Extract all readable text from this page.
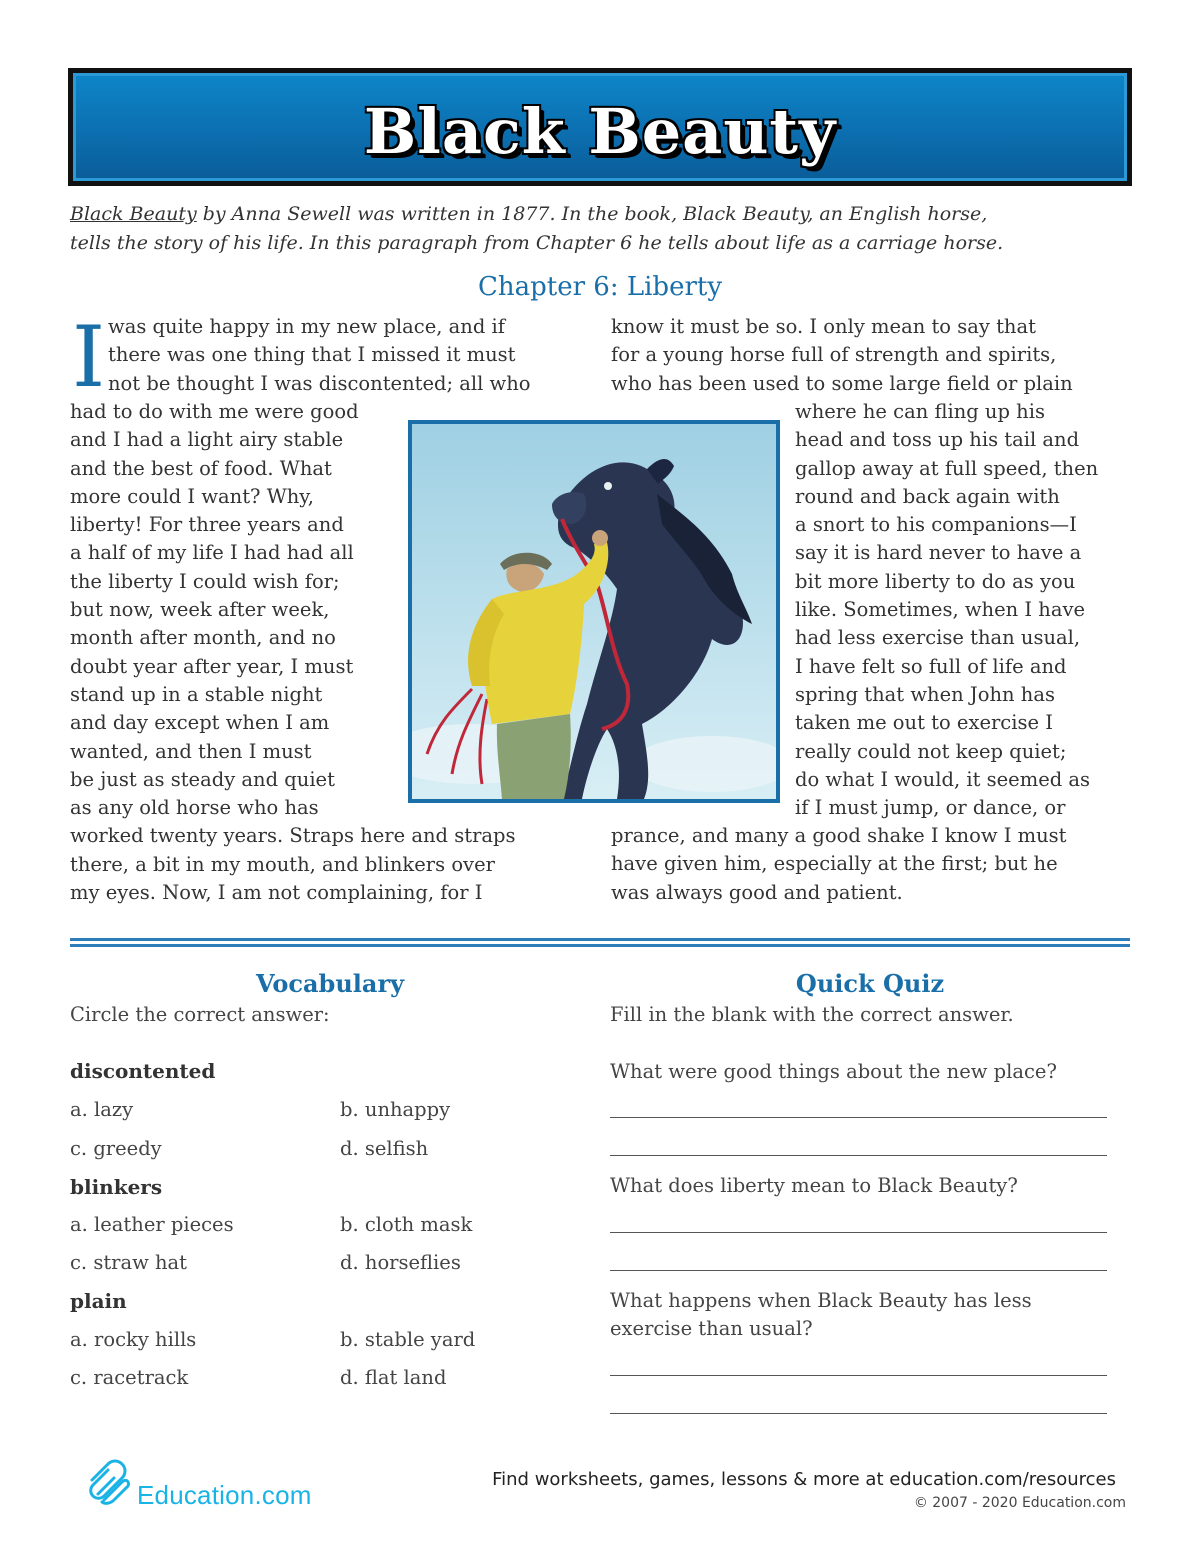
Black Beauty
Black Beauty by Anna Sewell was written in 1877. In the book, Black Beauty, an English horse,
tells the story of his life. In this paragraph from Chapter 6 he tells about life as a carriage horse.
Chapter 6: Liberty
I was quite happy in my new place, and if
there was one thing that I missed it must
not be thought I was discontented; all who
had to do with me were good
and I had a light airy stable
and the best of food. What
more could I want? Why,
liberty! For three years and
a half of my life I had had all
the liberty I could wish for;
but now, week after week,
month after month, and no
doubt year after year, I must
stand up in a stable night
and day except when I am
wanted, and then I must
be just as steady and quiet
as any old horse who has
worked twenty years. Straps here and straps
there, a bit in my mouth, and blinkers over
my eyes. Now, I am not complaining, for I
know it must be so. I only mean to say that
for a young horse full of strength and spirits,
who has been used to some large field or plain
where he can fling up his
head and toss up his tail and
gallop away at full speed, then
round and back again with
a snort to his companions—I
say it is hard never to have a
bit more liberty to do as you
like. Sometimes, when I have
had less exercise than usual,
I have felt so full of life and
spring that when John has
taken me out to exercise I
really could not keep quiet;
do what I would, it seemed as
if I must jump, or dance, or
prance, and many a good shake I know I must
have given him, especially at the first; but he
was always good and patient.
Vocabulary
Circle the correct answer:
discontented
a. lazy	b. unhappy
c. greedy	d. selfish
blinkers
a. leather pieces	b. cloth mask
c. straw hat	d. horseflies
plain
a. rocky hills	b. stable yard
c. racetrack	d. flat land
Quick Quiz
Fill in the blank with the correct answer.
What were good things about the new place?
What does liberty mean to Black Beauty?
What happens when Black Beauty has less
exercise than usual?
Education.com
Find worksheets, games, lessons & more at education.com/resources
© 2007 - 2020 Education.com
